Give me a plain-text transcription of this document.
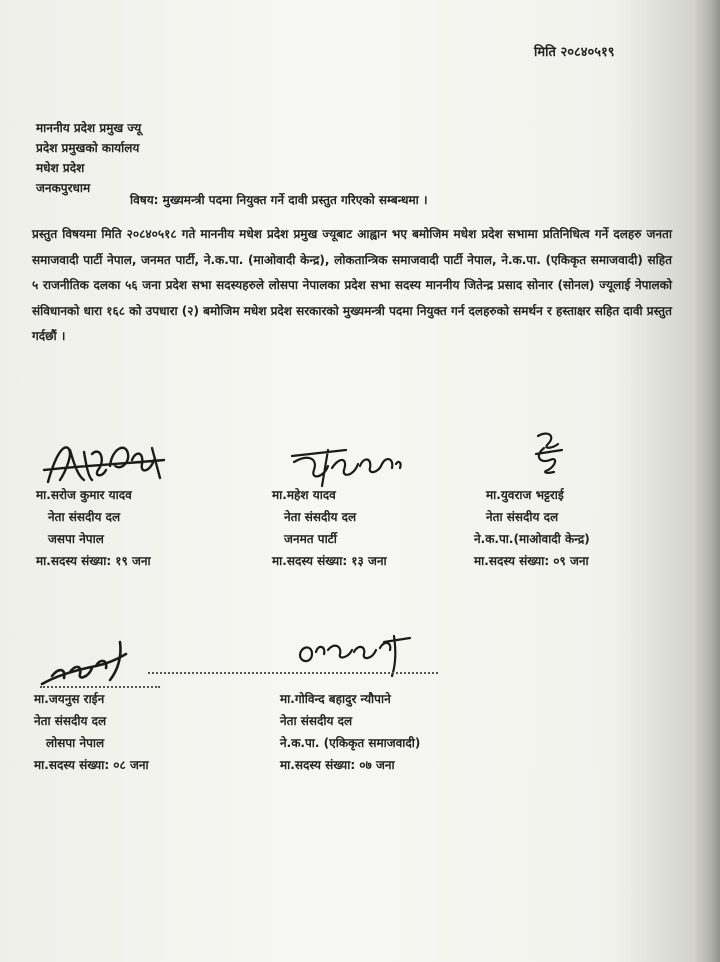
मिति २०८४०५१९
माननीय प्रदेश प्रमुख ज्यू
प्रदेश प्रमुखको कार्यालय
मधेश प्रदेश
जनकपुरधाम
विषय: मुख्यमन्त्री पदमा नियुक्त गर्ने दावी प्रस्तुत गरिएको सम्बन्धमा ।
प्रस्तुत विषयमा मिति २०८४०५१८ गते माननीय मधेश प्रदेश प्रमुख ज्यूबाट आह्वान भए बमोजिम मधेश प्रदेश सभामा प्रतिनिधित्व गर्ने दलहरु जनता समाजवादी पार्टी नेपाल, जनमत पार्टी, ने.क.पा. (माओवादी केन्द्र), लोकतान्त्रिक समाजवादी पार्टी नेपाल, ने.क.पा. (एकिकृत समाजवादी) सहित ५ राजनीतिक दलका ५६ जना प्रदेश सभा सदस्यहरुले लोसपा नेपालका प्रदेश सभा सदस्य माननीय जितेन्द्र प्रसाद सोनार (सोनल) ज्यूलाई नेपालको संविधानको धारा १६८ को उपधारा (२) बमोजिम मधेश प्रदेश सरकारको मुख्यमन्त्री पदमा नियुक्त गर्न दलहरुको समर्थन र हस्ताक्षर सहित दावी प्रस्तुत गर्दछौं ।
मा.सरोज कुमार यादव
नेता संसदीय दल
जसपा नेपाल
मा.सदस्य संख्या: १९ जना
मा.महेश यादव
नेता संसदीय दल
जनमत पार्टी
मा.सदस्य संख्या: १३ जना
मा.युवराज भट्टराई
नेता संसदीय दल
ने.क.पा.(माओवादी केन्द्र)
मा.सदस्य संख्या: ०९ जना
मा.जयनुस राईन
नेता संसदीय दल
लोसपा नेपाल
मा.सदस्य संख्या: ०८ जना
मा.गोविन्द बहादुर न्यौपाने
नेता संसदीय दल
ने.क.पा. (एकिकृत समाजवादी)
मा.सदस्य संख्या: ०७ जना
